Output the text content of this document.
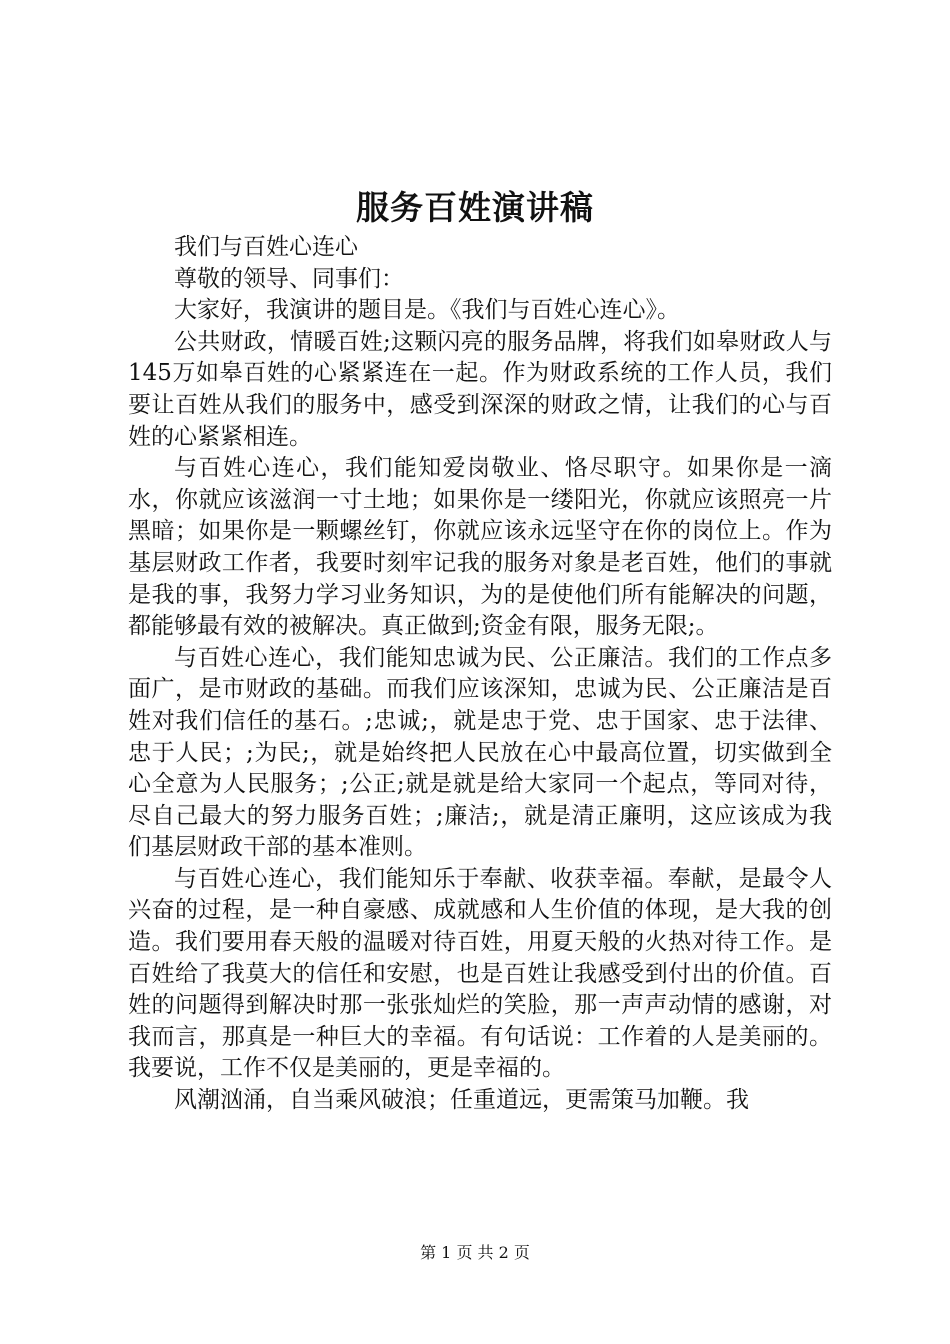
服务百姓演讲稿

我们与百姓心连心

尊敬的领导、同事们：

大家好，我演讲的题目是。《我们与百姓心连心》。

公共财政，情暖百姓;这颗闪亮的服务品牌，将我们如皋财政人与145万如皋百姓的心紧紧连在一起。作为财政系统的工作人员，我们要让百姓从我们的服务中，感受到深深的财政之情，让我们的心与百姓的心紧紧相连。

与百姓心连心，我们能知爱岗敬业、恪尽职守。如果你是一滴水，你就应该滋润一寸土地；如果你是一缕阳光，你就应该照亮一片黑暗；如果你是一颗螺丝钉，你就应该永远坚守在你的岗位上。作为基层财政工作者，我要时刻牢记我的服务对象是老百姓，他们的事就是我的事，我努力学习业务知识，为的是使他们所有能解决的问题，都能够最有效的被解决。真正做到;资金有限，服务无限;。

与百姓心连心，我们能知忠诚为民、公正廉洁。我们的工作点多面广，是市财政的基础。而我们应该深知，忠诚为民、公正廉洁是百姓对我们信任的基石。;忠诚;，就是忠于党、忠于国家、忠于法律、忠于人民；;为民;，就是始终把人民放在心中最高位置，切实做到全心全意为人民服务；;公正;就是就是给大家同一个起点，等同对待，尽自己最大的努力服务百姓；;廉洁;，就是清正廉明，这应该成为我们基层财政干部的基本准则。

与百姓心连心，我们能知乐于奉献、收获幸福。奉献，是最令人兴奋的过程，是一种自豪感、成就感和人生价值的体现，是大我的创造。我们要用春天般的温暖对待百姓，用夏天般的火热对待工作。是百姓给了我莫大的信任和安慰，也是百姓让我感受到付出的价值。百姓的问题得到解决时那一张张灿烂的笑脸，那一声声动情的感谢，对我而言，那真是一种巨大的幸福。有句话说：工作着的人是美丽的。我要说，工作不仅是美丽的，更是幸福的。

风潮汹涌，自当乘风破浪；任重道远，更需策马加鞭。我

第 1 页 共 2 页
